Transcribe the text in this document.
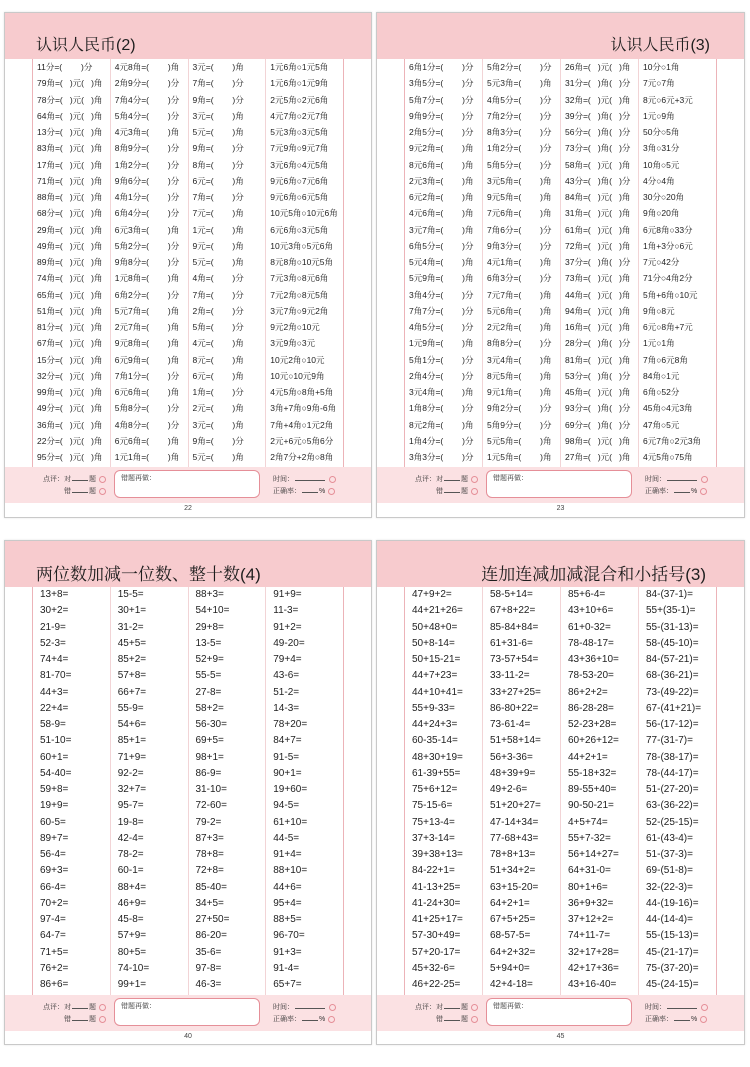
认识人民币(2)
11分=(        )分
79角=(   )元(   )角
78分=(   )元(   )角
64角=(   )元(   )角
13分=(   )元(   )角
83角=(   )元(   )角
17角=(   )元(   )角
71角=(   )元(   )角
88角=(   )元(   )角
68分=(   )元(   )角
29角=(   )元(   )角
49角=(   )元(   )角
89角=(   )元(   )角
74角=(   )元(   )角
65角=(   )元(   )角
51角=(   )元(   )角
81分=(   )元(   )角
67角=(   )元(   )角
15分=(   )元(   )角
32分=(   )元(   )角
99角=(   )元(   )角
49分=(   )元(   )角
36角=(   )元(   )角
22分=(   )元(   )角
95分=(   )元(   )角
4元8角=(        )角
2角9分=(        )分
7角4分=(        )分
5角4分=(        )分
4元3角=(        )角
8角9分=(        )分
1角2分=(        )分
9角6分=(        )分
4角1分=(        )分
6角4分=(        )分
6元3角=(        )角
5角2分=(        )分
9角8分=(        )分
1元8角=(        )角
6角2分=(        )分
5元7角=(        )角
2元7角=(        )角
9元8角=(        )角
6元9角=(        )角
7角1分=(        )分
6元6角=(        )角
5角8分=(        )分
4角8分=(        )分
6元6角=(        )角
1元1角=(        )角
3元=(        )角
7角=(        )分
9角=(        )分
3元=(        )角
5元=(        )角
9角=(        )分
8角=(        )分
6元=(        )角
7角=(        )分
7元=(        )角
1元=(        )角
9元=(        )角
5元=(        )角
4角=(        )分
7角=(        )分
2角=(        )分
5角=(        )分
4元=(        )角
8元=(        )角
6元=(        )角
1角=(        )分
2元=(        )角
3元=(        )角
9角=(        )分
5元=(        )角
1元6角○1元5角
1元6角○1元9角
2元5角○2元6角
4元7角○2元7角
5元3角○3元5角
7元9角○9元7角
3元6角○4元5角
9元6角○7元6角
9元6角○6元5角
10元5角○10元6角
6元6角○3元5角
10元3角○5元6角
8元8角○10元5角
7元3角○8元6角
7元2角○8元5角
3元7角○9元2角
9元2角○10元
3元9角○3元
10元2角○10元
10元○10元9角
4元5角○8角+5角
3角+7角○9角-6角
7角+4角○1元2角
2元+6元○5角6分
2角7分+2角○8角
点评：对	题
错	题
错题再做：	时间：
正确率：	%
22
认识人民币(3)
6角1分=(        )分
3角5分=(        )分
5角7分=(        )分
9角9分=(        )分
2角5分=(        )分
9元2角=(        )角
8元6角=(        )角
2元3角=(        )角
6元2角=(        )角
4元6角=(        )角
3元7角=(        )角
6角5分=(        )分
5元4角=(        )角
5元9角=(        )角
3角4分=(        )分
7角7分=(        )分
4角5分=(        )分
1元9角=(        )角
5角1分=(        )分
2角4分=(        )分
3元4角=(        )角
1角8分=(        )分
8元2角=(        )角
1角4分=(        )分
3角3分=(        )分
5角2分=(        )分
5元3角=(        )角
4角5分=(        )分
7角2分=(        )分
8角3分=(        )分
1角2分=(        )分
5角5分=(        )分
3元5角=(        )角
9元5角=(        )角
7元6角=(        )角
7角6分=(        )分
9角3分=(        )分
4元1角=(        )角
6角3分=(        )分
7元7角=(        )角
5元6角=(        )角
2元2角=(        )角
8角8分=(        )分
3元4角=(        )角
8元5角=(        )角
9元1角=(        )角
9角2分=(        )分
5角9分=(        )分
5元5角=(        )角
1元5角=(        )角
26角=(   )元(   )角
31分=(   )角(   )分
32角=(   )元(   )角
39分=(   )角(   )分
56分=(   )角(   )分
73分=(   )角(   )分
58角=(   )元(   )角
43分=(   )角(   )分
84角=(   )元(   )角
31角=(   )元(   )角
61角=(   )元(   )角
72角=(   )元(   )角
37分=(   )角(   )分
73角=(   )元(   )角
44角=(   )元(   )角
94角=(   )元(   )角
16角=(   )元(   )角
28分=(   )角(   )分
81角=(   )元(   )角
53分=(   )角(   )分
45角=(   )元(   )角
93分=(   )角(   )分
69分=(   )角(   )分
98角=(   )元(   )角
27角=(   )元(   )角
10分○1角
7元○7角
8元○6元+3元
1元○9角
50分○5角
3角○31分
10角○5元
4分○4角
30分○20角
9角○20角
6元8角○33分
1角+3分○6元
7元○42分
71分○4角2分
5角+6角○10元
9角○8元
6元○8角+7元
1元○1角
7角○6元8角
84角○1元
6角○52分
45角○4元3角
47角○5元
6元7角○2元3角
4元5角○75角
点评：对	题
错	题
错题再做：	时间：
正确率：	%
23
两位数加减一位数、整十数(4)
13+8=
30+2=
21-9=
52-3=
74+4=
81-70=
44+3=
22+4=
58-9=
51-10=
60+1=
54-40=
59+8=
19+9=
60-5=
89+7=
56-4=
69+3=
66-4=
70+2=
97-4=
64-7=
71+5=
76+2=
86+6=
15-5=
30+1=
31-2=
45+5=
85+2=
57+8=
66+7=
55-9=
54+6=
85+1=
71+9=
92-2=
32+7=
95-7=
19-8=
42-4=
78-2=
60-1=
88+4=
46+9=
45-8=
57+9=
80+5=
74-10=
99+1=
88+3=
54+10=
29+8=
13-5=
52+9=
55-5=
27-8=
58+2=
56-30=
69+5=
98+1=
86-9=
31-10=
72-60=
79-2=
87+3=
78+8=
72+8=
85-40=
34+5=
27+50=
86-20=
35-6=
97-8=
46-3=
91+9=
11-3=
91+2=
49-20=
79+4=
43-6=
51-2=
14-3=
78+20=
84+7=
91-5=
90+1=
19+60=
94-5=
61+10=
44-5=
91+4=
88+10=
44+6=
95+4=
88+5=
96-70=
91+3=
91-4=
65+7=
点评：对	题
错	题
错题再做：	时间：
正确率：	%
40
连加连减加减混合和小括号(3)
47+9+2=
44+21+26=
50+48+0=
50+8-14=
50+15-21=
44+7+23=
44+10+41=
55+9-33=
44+24+3=
60-35-14=
48+30+19=
61-39+55=
75+6+12=
75-15-6=
75+13-4=
37+3-14=
39+38+13=
84-22+1=
41-13+25=
41-24+30=
41+25+17=
57-30+49=
57+20-17=
45+32-6=
46+22-25=
58-5+14=
67+8+22=
85-84+84=
61+31-6=
73-57+54=
33-11-2=
33+27+25=
86-80+22=
73-61-4=
51+58+14=
56+3-36=
48+39+9=
49+2-6=
51+20+27=
47-14+34=
77-68+43=
78+8+13=
51+34+2=
63+15-20=
64+2+1=
67+5+25=
68-57-5=
64+2+32=
5+94+0=
42+4-18=
85+6-4=
43+10+6=
61+0-32=
78-48-17=
43+36+10=
78-53-20=
86+2+2=
86-28-28=
52-23+28=
60+26+12=
44+2+1=
55-18+32=
89-55+40=
90-50-21=
4+5+74=
55+7-32=
56+14+27=
64+31-0=
80+1+6=
36+9+32=
37+12+2=
74+11-7=
32+17+28=
42+17+36=
43+16-40=
84-(37-1)=
55+(35-1)=
55-(31-13)=
58-(45-10)=
84-(57-21)=
68-(36-21)=
73-(49-22)=
67-(41+21)=
56-(17-12)=
77-(31-7)=
78-(38-17)=
78-(44-17)=
51-(27-20)=
63-(36-22)=
52-(25-15)=
61-(43-4)=
51-(37-3)=
69-(51-8)=
32-(22-3)=
44-(19-16)=
44-(14-4)=
55-(15-13)=
45-(21-17)=
75-(37-20)=
45-(24-15)=
点评：对	题
错	题
错题再做：	时间：
正确率：	%
45
